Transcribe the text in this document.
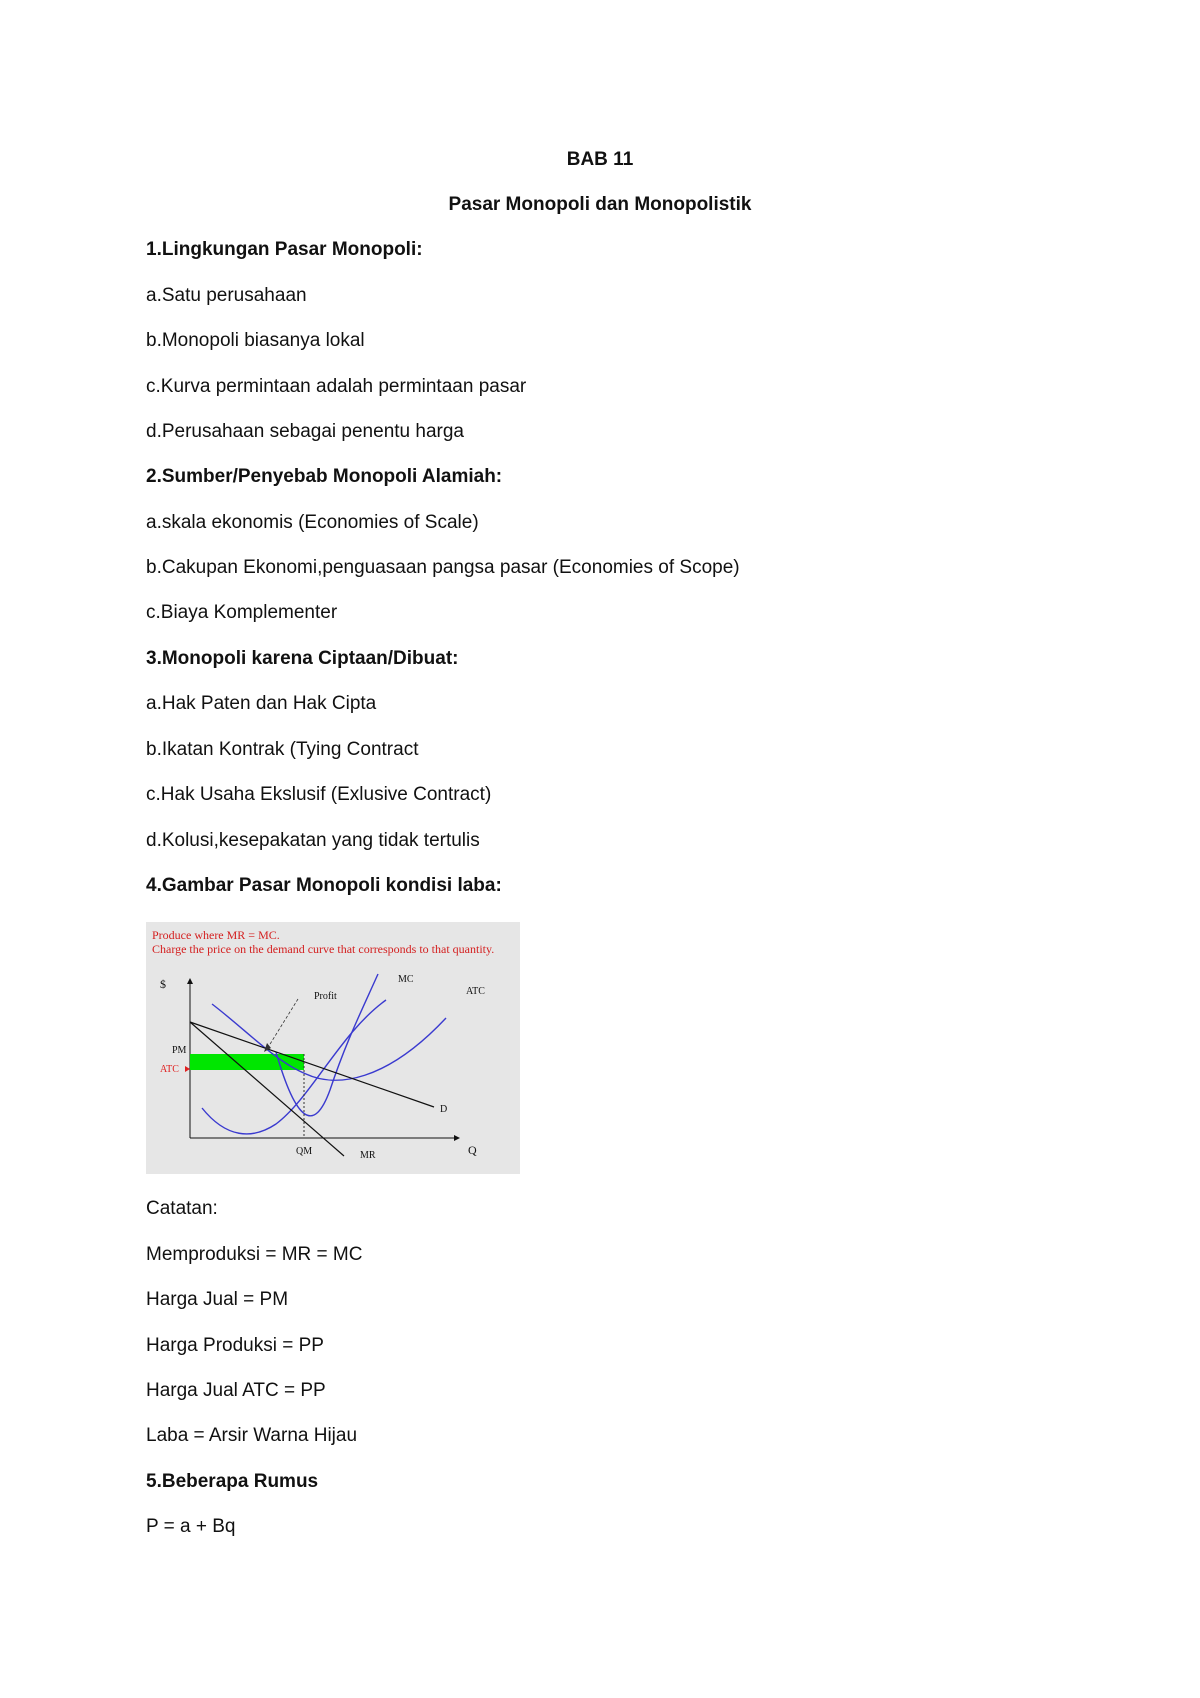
BAB 11
Pasar Monopoli dan Monopolistik
1.Lingkungan Pasar Monopoli:
a.Satu perusahaan
b.Monopoli biasanya lokal
c.Kurva permintaan adalah permintaan pasar
d.Perusahaan sebagai penentu harga
2.Sumber/Penyebab Monopoli Alamiah:
a.skala ekonomis (Economies of Scale)
b.Cakupan Ekonomi,penguasaan pangsa pasar (Economies of Scope)
c.Biaya Komplementer
3.Monopoli karena Ciptaan/Dibuat:
a.Hak Paten dan Hak Cipta
b.Ikatan Kontrak (Tying Contract
c.Hak Usaha Ekslusif (Exlusive Contract)
d.Kolusi,kesepakatan yang tidak tertulis
4.Gambar Pasar Monopoli kondisi laba:
Produce where MR = MC.
Charge the price on the demand curve that corresponds to that quantity.
$
Q
PM
ATC
QM
MC
ATC
D
MR
Profit
Catatan:
Memproduksi = MR = MC
Harga Jual = PM
Harga Produksi = PP
Harga Jual ATC = PP
Laba = Arsir Warna Hijau
5.Beberapa Rumus
P = a + Bq
